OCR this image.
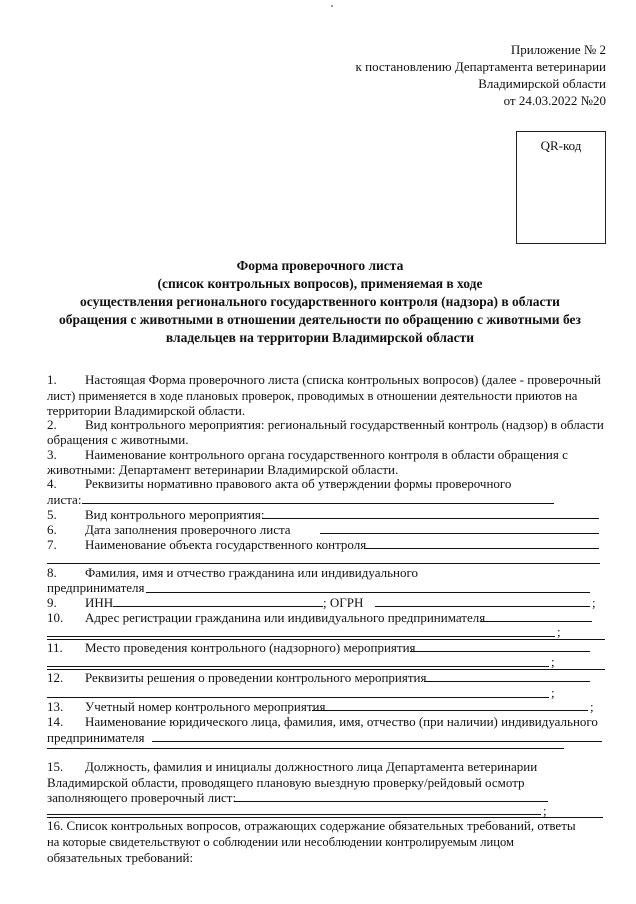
Приложение № 2
к постановлению Департамента ветеринарии
Владимирской области
от 24.03.2022 №20
QR-код
Форма проверочного листа
(список контрольных вопросов), применяемая в ходе
осуществления регионального государственного контроля (надзора) в области
обращения с животными в отношении деятельности по обращению с животными без
владельцев на территории Владимирской области
1. Настоящая Форма проверочного листа (списка контрольных вопросов) (далее - проверочный
лист) применяется в ходе плановых проверок, проводимых в отношении деятельности приютов на
территории Владимирской области.
2. Вид контрольного мероприятия: региональный государственный контроль (надзор) в области
обращения с животными.
3. Наименование контрольного органа государственного контроля в области обращения с
животными: Департамент ветеринарии Владимирской области.
4. Реквизиты нормативно правового акта об утверждении формы проверочного
листа:
5. Вид контрольного мероприятия:
6. Дата заполнения проверочного листа
7. Наименование объекта государственного контроля
8. Фамилия, имя и отчество гражданина или индивидуального
предпринимателя
9. ИНН	; ОГРН	;
10. Адрес регистрации гражданина или индивидуального предпринимателя
;
11. Место проведения контрольного (надзорного) мероприятия
;
12. Реквизиты решения о проведении контрольного мероприятия
;
13. Учетный номер контрольного мероприятия	;
14. Наименование юридического лица, фамилия, имя, отчество (при наличии) индивидуального
предпринимателя
15. Должность, фамилия и инициалы должностного лица Департамента ветеринарии
Владимирской области, проводящего плановую выездную проверку/рейдовый осмотр
заполняющего проверочный лист:
;
16. Список контрольных вопросов, отражающих содержание обязательных требований, ответы
на которые свидетельствуют о соблюдении или несоблюдении контролируемым лицом
обязательных требований:
